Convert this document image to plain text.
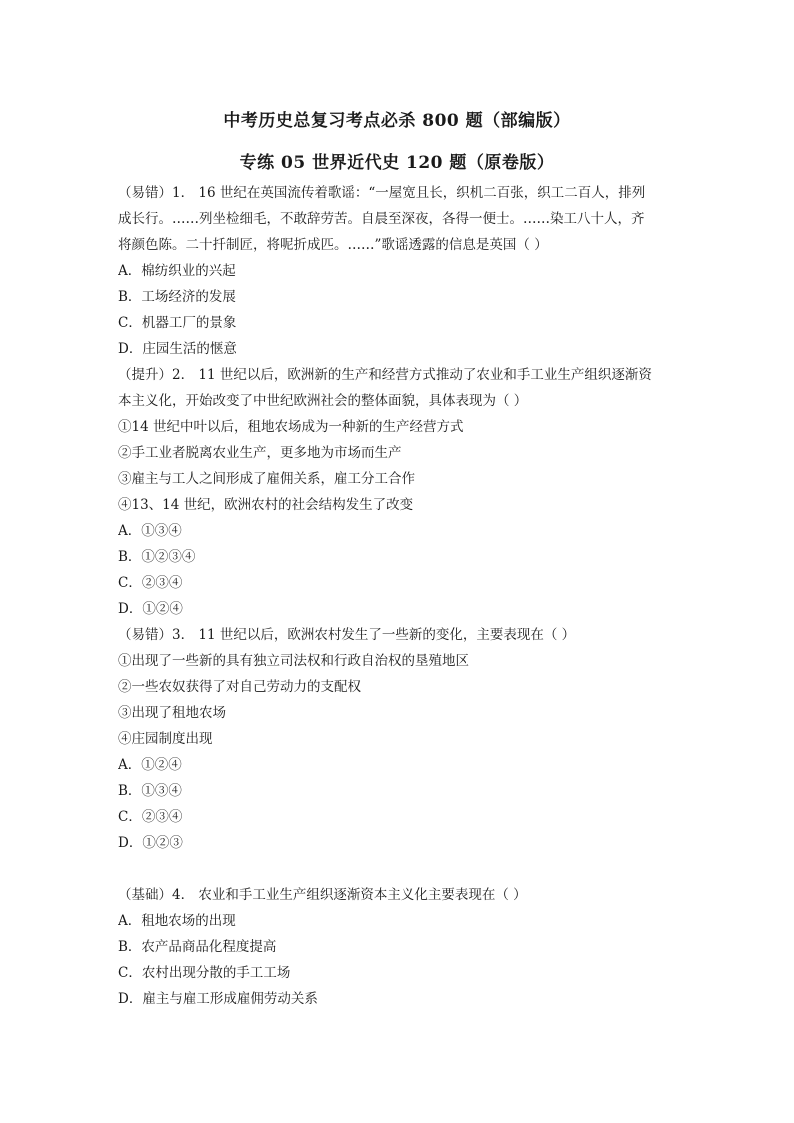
中考历史总复习考点必杀 800 题（部编版）
专练 05 世界近代史 120 题（原卷版）
（易错）1． 16 世纪在英国流传着歌谣：“一屋宽且长，织机二百张，织工二百人，排列
成长行。……列坐检细毛，不敢辞劳苦。自晨至深夜，各得一便士。……染工八十人，齐
将颜色陈。二十扦制匠，将呢折成匹。……”歌谣透露的信息是英国（ ）
A．棉纺织业的兴起
B．工场经济的发展
C．机器工厂的景象
D．庄园生活的惬意
（提升）2． 11 世纪以后，欧洲新的生产和经营方式推动了农业和手工业生产组织逐渐资
本主义化，开始改变了中世纪欧洲社会的整体面貌，具体表现为（ ）
①14 世纪中叶以后，租地农场成为一种新的生产经营方式
②手工业者脱离农业生产，更多地为市场而生产
③雇主与工人之间形成了雇佣关系，雇工分工合作
④13、14 世纪，欧洲农村的社会结构发生了改变
A．①③④
B．①②③④
C．②③④
D．①②④
（易错）3． 11 世纪以后，欧洲农村发生了一些新的变化，主要表现在（ ）
①出现了一些新的具有独立司法权和行政自治权的垦殖地区
②一些农奴获得了对自己劳动力的支配权
③出现了租地农场
④庄园制度出现
A．①②④
B．①③④
C．②③④
D．①②③
（基础）4． 农业和手工业生产组织逐渐资本主义化主要表现在（ ）
A．租地农场的出现
B．农产品商品化程度提高
C．农村出现分散的手工工场
D．雇主与雇工形成雇佣劳动关系
